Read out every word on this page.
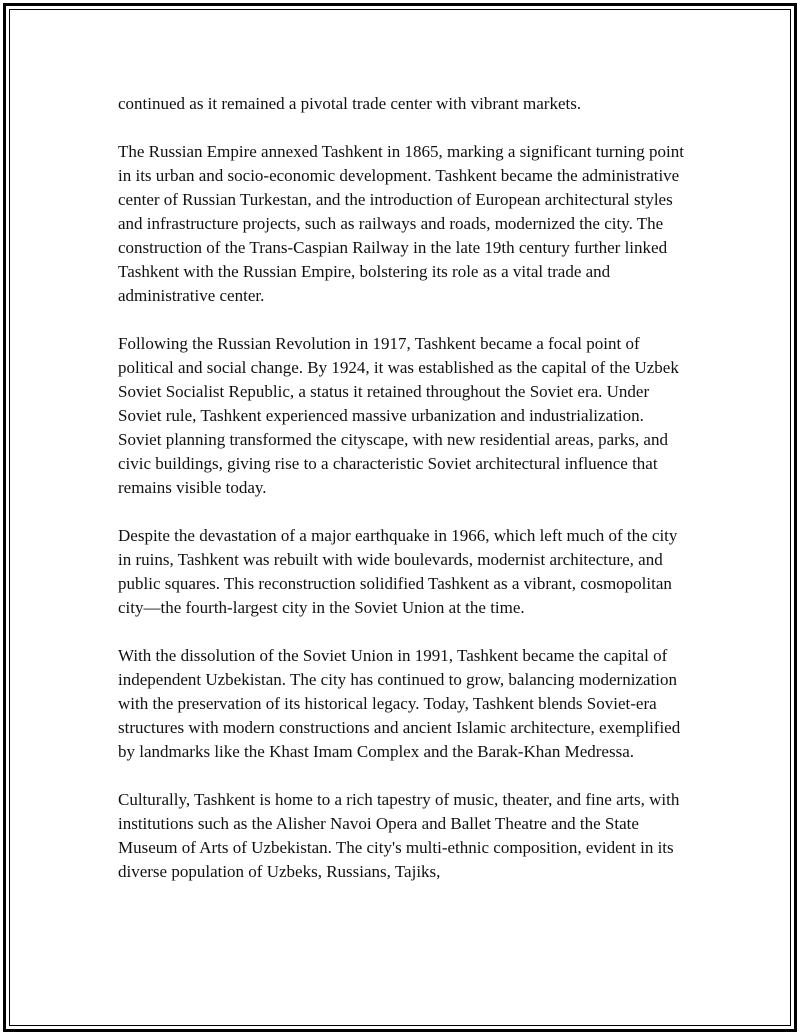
continued as it remained a pivotal trade center with vibrant markets.

The Russian Empire annexed Tashkent in 1865, marking a significant turning point in its urban and socio-economic development. Tashkent became the administrative center of Russian Turkestan, and the introduction of European architectural styles and infrastructure projects, such as railways and roads, modernized the city. The construction of the Trans-Caspian Railway in the late 19th century further linked Tashkent with the Russian Empire, bolstering its role as a vital trade and administrative center.

Following the Russian Revolution in 1917, Tashkent became a focal point of political and social change. By 1924, it was established as the capital of the Uzbek Soviet Socialist Republic, a status it retained throughout the Soviet era. Under Soviet rule, Tashkent experienced massive urbanization and industrialization. Soviet planning transformed the cityscape, with new residential areas, parks, and civic buildings, giving rise to a characteristic Soviet architectural influence that remains visible today.

Despite the devastation of a major earthquake in 1966, which left much of the city in ruins, Tashkent was rebuilt with wide boulevards, modernist architecture, and public squares. This reconstruction solidified Tashkent as a vibrant, cosmopolitan city—the fourth-largest city in the Soviet Union at the time.

With the dissolution of the Soviet Union in 1991, Tashkent became the capital of independent Uzbekistan. The city has continued to grow, balancing modernization with the preservation of its historical legacy. Today, Tashkent blends Soviet-era structures with modern constructions and ancient Islamic architecture, exemplified by landmarks like the Khast Imam Complex and the Barak-Khan Medressa.

Culturally, Tashkent is home to a rich tapestry of music, theater, and fine arts, with institutions such as the Alisher Navoi Opera and Ballet Theatre and the State Museum of Arts of Uzbekistan. The city's multi-ethnic composition, evident in its diverse population of Uzbeks, Russians, Tajiks,
